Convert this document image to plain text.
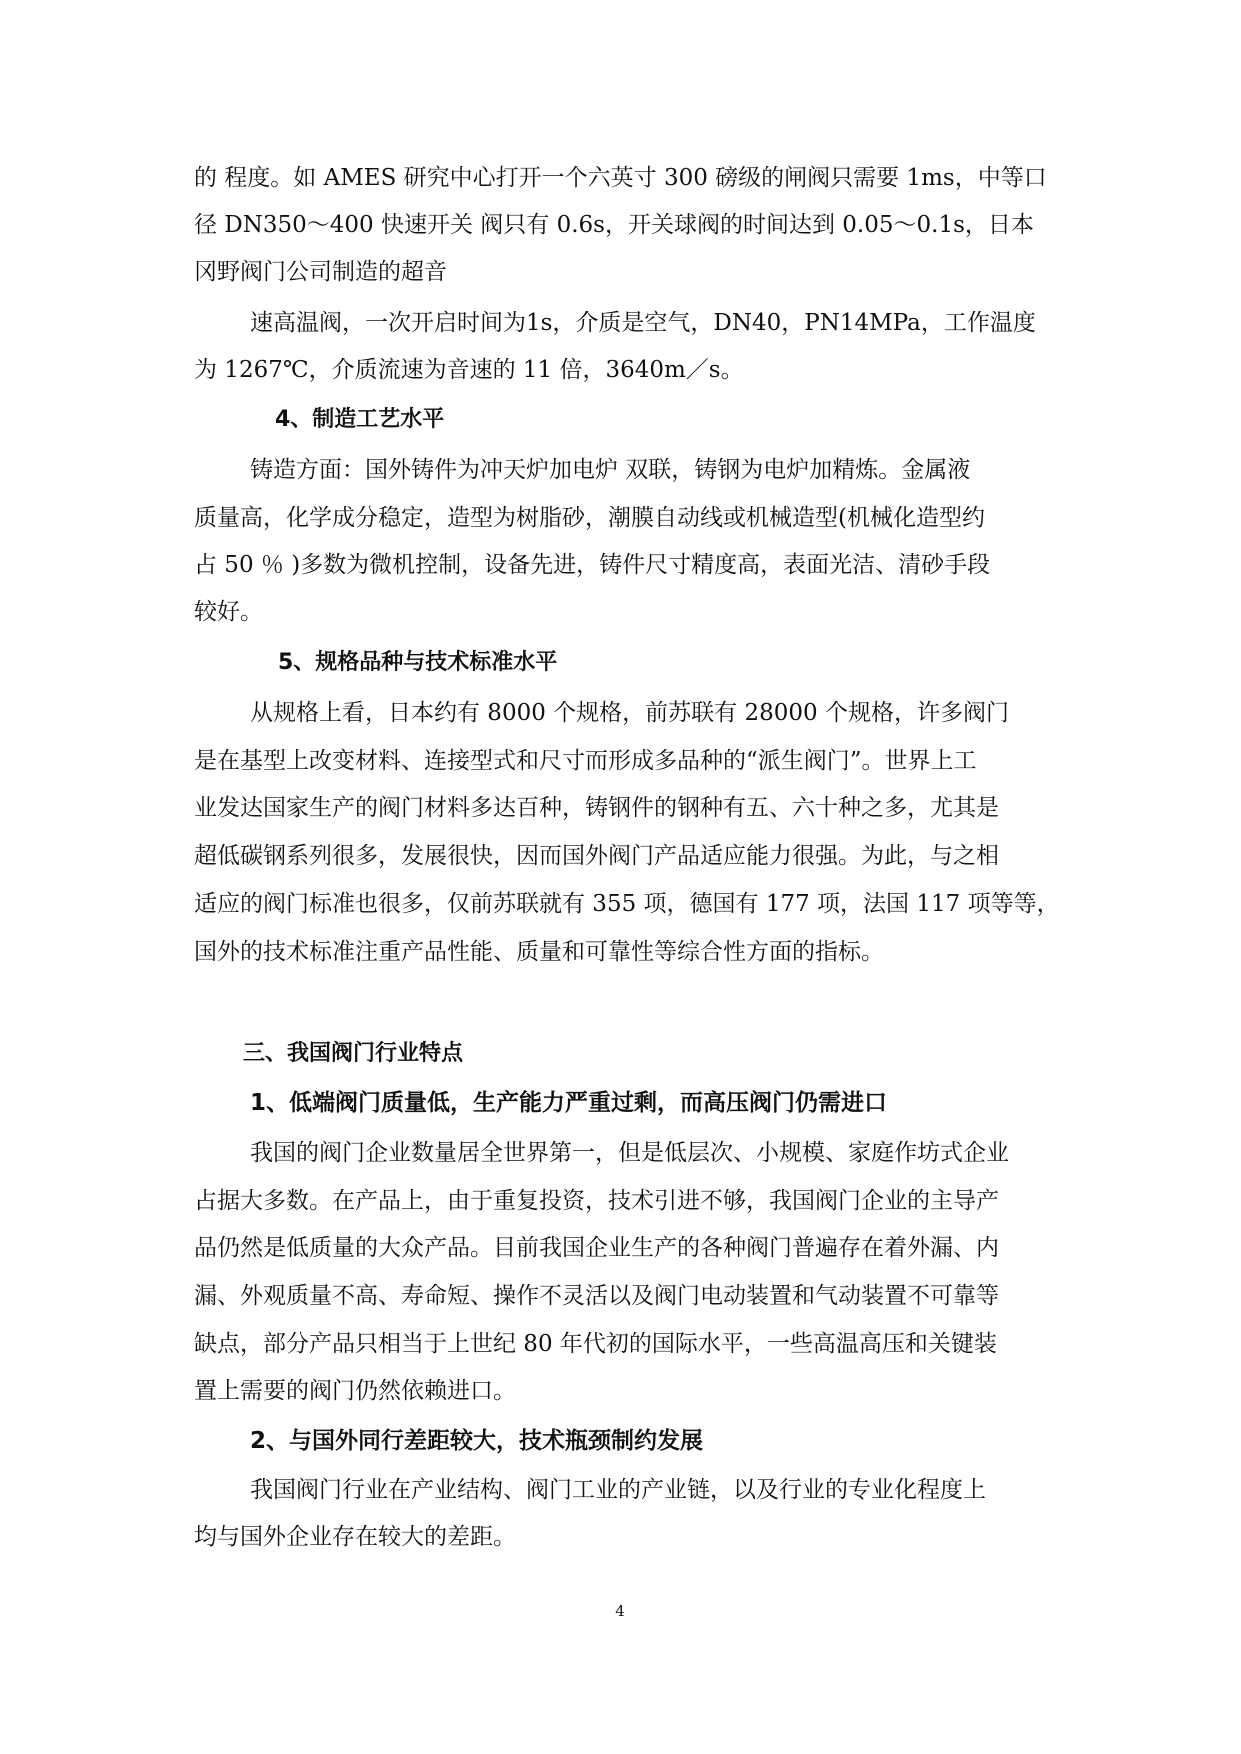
的 程度。如 AMES 研究中心打开一个六英寸 300 磅级的闸阀只需要 1ms，中等口
径 DN350～400 快速开关 阀只有 0.6s，开关球阀的时间达到 0.05～0.1s，日本
冈野阀门公司制造的超音
速高温阀，一次开启时间为1s，介质是空气，DN40，PN14MPa，工作温度
为 1267℃，介质流速为音速的 11 倍，3640m／s。
4、制造工艺水平
铸造方面：国外铸件为冲天炉加电炉 双联，铸钢为电炉加精炼。金属液
质量高，化学成分稳定，造型为树脂砂，潮膜自动线或机械造型(机械化造型约
占 50 ％ )多数为微机控制，设备先进，铸件尺寸精度高，表面光洁、清砂手段
较好。
5、规格品种与技术标准水平
从规格上看，日本约有 8000 个规格，前苏联有 28000 个规格，许多阀门
是在基型上改变材料、连接型式和尺寸而形成多品种的“派生阀门”。世界上工
业发达国家生产的阀门材料多达百种，铸钢件的钢种有五、六十种之多，尤其是
超低碳钢系列很多，发展很快，因而国外阀门产品适应能力很强。为此，与之相
适应的阀门标准也很多，仅前苏联就有 355 项，德国有 177 项，法国 117 项等等，
国外的技术标准注重产品性能、质量和可靠性等综合性方面的指标。
三、我国阀门行业特点
1、低端阀门质量低，生产能力严重过剩，而高压阀门仍需进口
我国的阀门企业数量居全世界第一，但是低层次、小规模、家庭作坊式企业
占据大多数。在产品上，由于重复投资，技术引进不够，我国阀门企业的主导产
品仍然是低质量的大众产品。目前我国企业生产的各种阀门普遍存在着外漏、内
漏、外观质量不高、寿命短、操作不灵活以及阀门电动装置和气动装置不可靠等
缺点，部分产品只相当于上世纪 80 年代初的国际水平，一些高温高压和关键装
置上需要的阀门仍然依赖进口。
2、与国外同行差距较大，技术瓶颈制约发展
我国阀门行业在产业结构、阀门工业的产业链，以及行业的专业化程度上
均与国外企业存在较大的差距。
4
